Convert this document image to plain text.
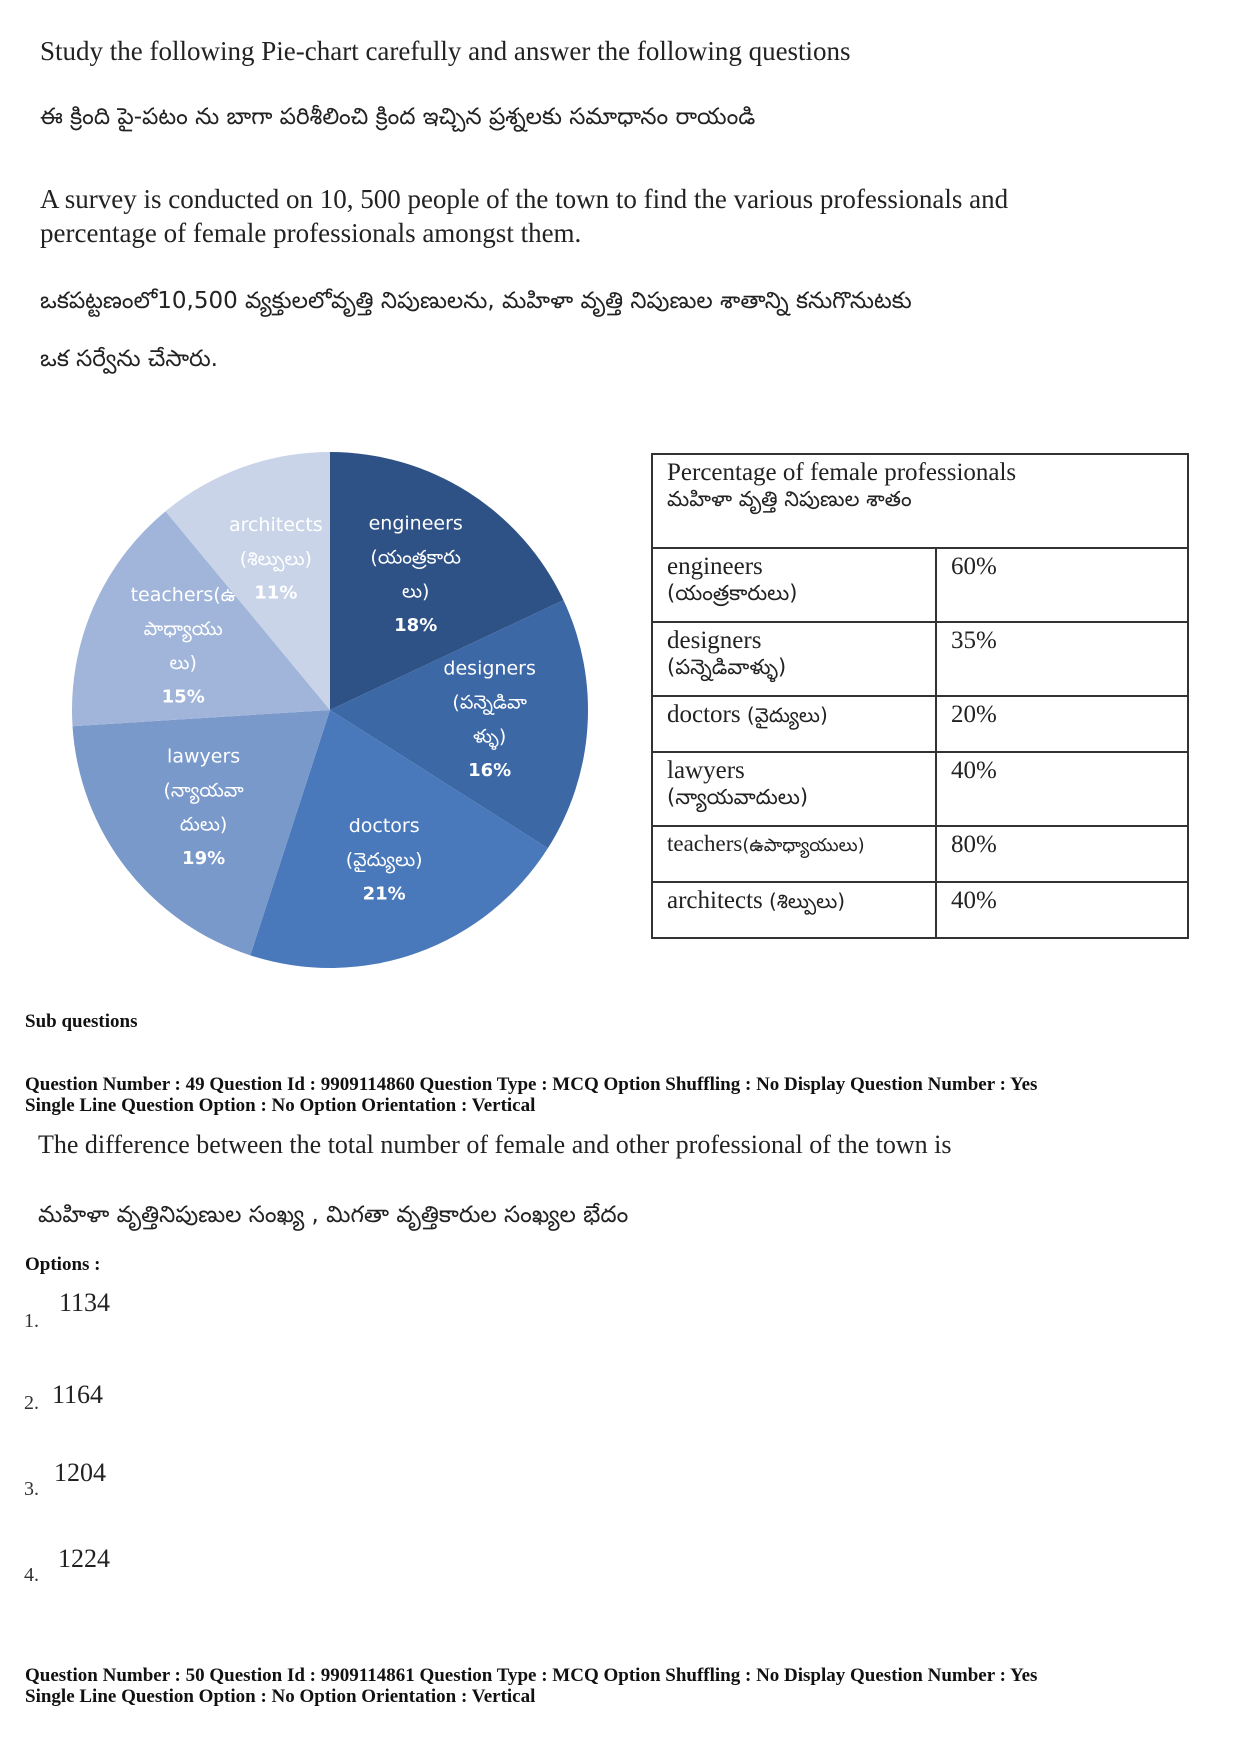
Study the following Pie-chart carefully and answer the following questions
ఈ క్రింది పై-పటం ను బాగా పరిశీలించి క్రింద ఇచ్చిన ప్రశ్నలకు సమాధానం రాయండి
A survey is conducted on 10, 500 people of the town to find the various professionals and
percentage of female professionals amongst them.
ఒకపట్టణంలో10,500 వ్యక్తులలోవృత్తి నిపుణులను, మహిళా వృత్తి నిపుణుల శాతాన్ని కనుగొనుటకు
ఒక సర్వేను చేసారు.
engineers
(యంత్రకారు
లు)
18%
designers
(పన్నెడివా
ళ్ళు)
16%
doctors
(వైద్యులు)
21%
lawyers
(న్యాయవా
దులు)
19%
teachers(ఉ
పాధ్యాయు
లు)
15%
architects
(శిల్పులు)
11%
Percentage of female professionals
మహిళా వృత్తి నిపుణుల శాతం	

engineers
(యంత్రకారులు)	60%

designers
(పన్నెడివాళ్ళు)	35%
doctors (వైద్యులు)	20%

lawyers
(న్యాయవాదులు)	40%
teachers(ఉపాధ్యాయులు)	80%
architects (శిల్పులు)	40%
Sub questions
Question Number : 49 Question Id : 9909114860 Question Type : MCQ Option Shuffling : No Display Question Number : Yes
Single Line Question Option : No Option Orientation : Vertical
The difference between the total number of female and other professional of the town is
మహిళా వృత్తినిపుణుల సంఖ్య , మిగతా వృత్తికారుల సంఖ్యల భేదం
Options :
1.
1134
2. 1164
3.
1204
4.
1224
Question Number : 50 Question Id : 9909114861 Question Type : MCQ Option Shuffling : No Display Question Number : Yes
Single Line Question Option : No Option Orientation : Vertical
